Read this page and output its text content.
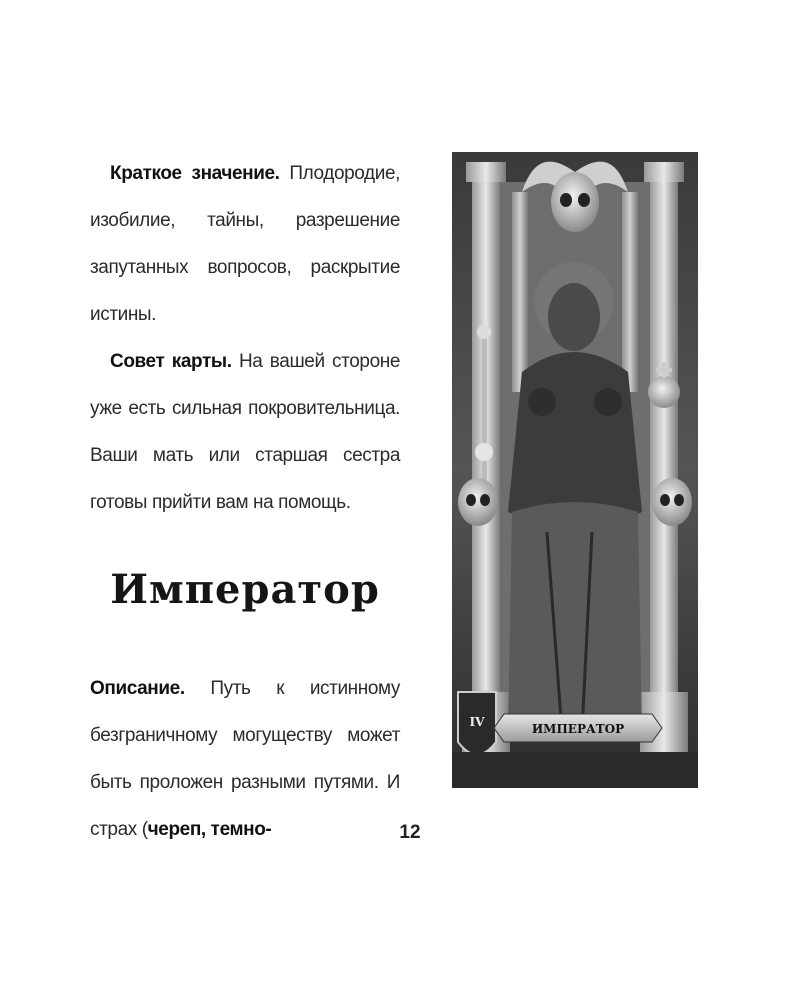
Краткое значение. Плодородие, изобилие, тайны, разрешение запутанных вопросов, раскрытие истины.

Совет карты. На вашей стороне уже есть сильная покровительница. Ваши мать или старшая сестра готовы прийти вам на помощь.

Император

Описание. Путь к истинному безграничному могуществу может быть проложен разными путями. И страх (череп, темно-	12
IV	ИМПЕРАТОР
